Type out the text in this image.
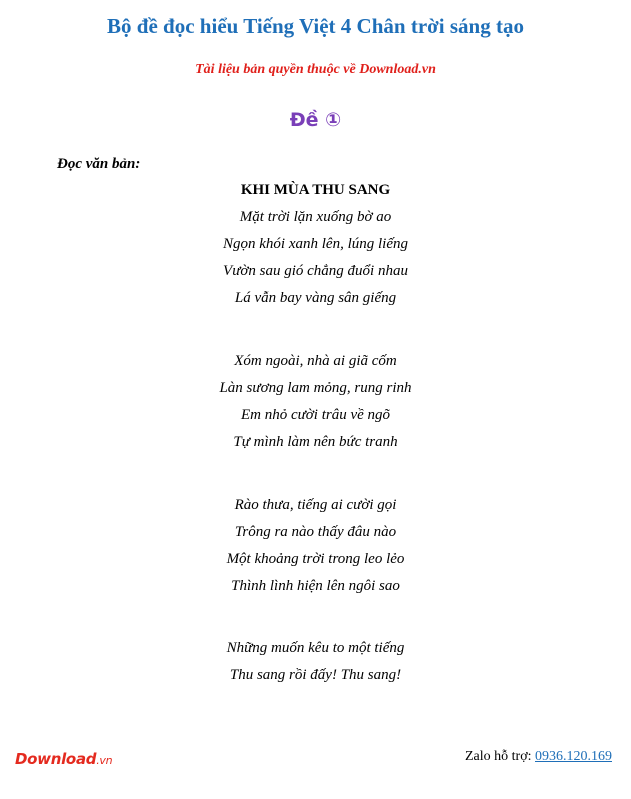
Bộ đề đọc hiểu Tiếng Việt 4 Chân trời sáng tạo
Tài liệu bản quyền thuộc về Download.vn
Đề ①
Đọc văn bản:
KHI MÙA THU SANG
Mặt trời lặn xuống bờ ao
Ngọn khói xanh lên, lúng liếng
Vườn sau gió chẳng đuổi nhau
Lá vẫn bay vàng sân giếng
Xóm ngoài, nhà ai giã cốm
Làn sương lam mỏng, rung rinh
Em nhỏ cười trâu về ngõ
Tự mình làm nên bức tranh
Rào thưa, tiếng ai cười gọi
Trông ra nào thấy đâu nào
Một khoảng trời trong leo lẻo
Thình lình hiện lên ngôi sao
Những muốn kêu to một tiếng
Thu sang rồi đấy! Thu sang!
Download.vn	Zalo hỗ trợ: 0936.120.169
